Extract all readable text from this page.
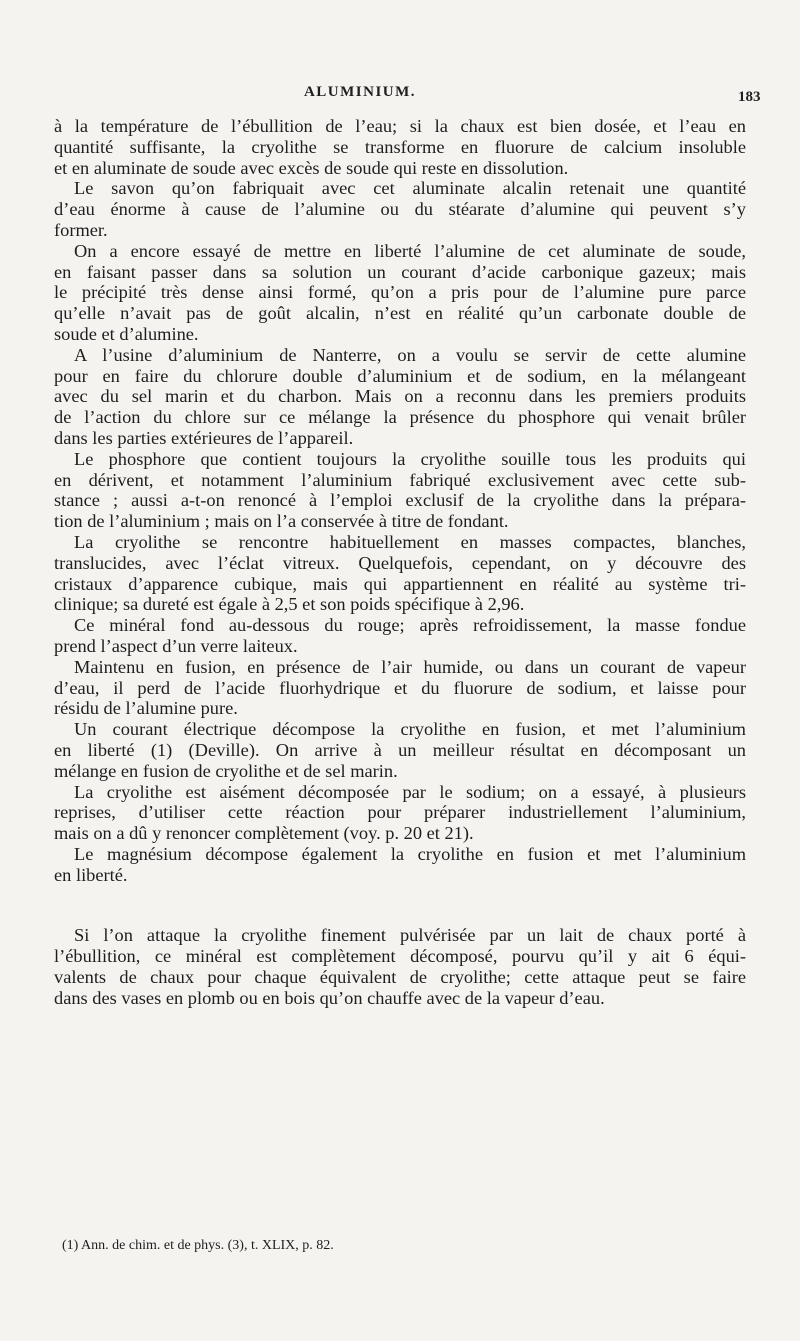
ALUMINIUM.	183
à la température de l’ébullition de l’eau; si la chaux est bien dosée, et l’eau en
quantité suffisante, la cryolithe se transforme en fluorure de calcium insoluble
et en aluminate de soude avec excès de soude qui reste en dissolution.
Le savon qu’on fabriquait avec cet aluminate alcalin retenait une quantité
d’eau énorme à cause de l’alumine ou du stéarate d’alumine qui peuvent s’y
former.
On a encore essayé de mettre en liberté l’alumine de cet aluminate de soude,
en faisant passer dans sa solution un courant d’acide carbonique gazeux; mais
le précipité très dense ainsi formé, qu’on a pris pour de l’alumine pure parce
qu’elle n’avait pas de goût alcalin, n’est en réalité qu’un carbonate double de
soude et d’alumine.
A l’usine d’aluminium de Nanterre, on a voulu se servir de cette alumine
pour en faire du chlorure double d’aluminium et de sodium, en la mélangeant
avec du sel marin et du charbon. Mais on a reconnu dans les premiers produits
de l’action du chlore sur ce mélange la présence du phosphore qui venait brûler
dans les parties extérieures de l’appareil.
Le phosphore que contient toujours la cryolithe souille tous les produits qui
en dérivent, et notamment l’aluminium fabriqué exclusivement avec cette sub-
stance ; aussi a-t-on renoncé à l’emploi exclusif de la cryolithe dans la prépara-
tion de l’aluminium ; mais on l’a conservée à titre de fondant.
La cryolithe se rencontre habituellement en masses compactes, blanches,
translucides, avec l’éclat vitreux. Quelquefois, cependant, on y découvre des
cristaux d’apparence cubique, mais qui appartiennent en réalité au système tri-
clinique; sa dureté est égale à 2,5 et son poids spécifique à 2,96.
Ce minéral fond au-dessous du rouge; après refroidissement, la masse fondue
prend l’aspect d’un verre laiteux.
Maintenu en fusion, en présence de l’air humide, ou dans un courant de vapeur
d’eau, il perd de l’acide fluorhydrique et du fluorure de sodium, et laisse pour
résidu de l’alumine pure.
Un courant électrique décompose la cryolithe en fusion, et met l’aluminium
en liberté (1) (Deville). On arrive à un meilleur résultat en décomposant un
mélange en fusion de cryolithe et de sel marin.
La cryolithe est aisément décomposée par le sodium; on a essayé, à plusieurs
reprises, d’utiliser cette réaction pour préparer industriellement l’aluminium,
mais on a dû y renoncer complètement (voy. p. 20 et 21).
Le magnésium décompose également la cryolithe en fusion et met l’aluminium
en liberté.
Si l’on attaque la cryolithe finement pulvérisée par un lait de chaux porté à
l’ébullition, ce minéral est complètement décomposé, pourvu qu’il y ait 6 équi-
valents de chaux pour chaque équivalent de cryolithe; cette attaque peut se faire
dans des vases en plomb ou en bois qu’on chauffe avec de la vapeur d’eau.
(1) Ann. de chim. et de phys. (3), t. XLIX, p. 82.
